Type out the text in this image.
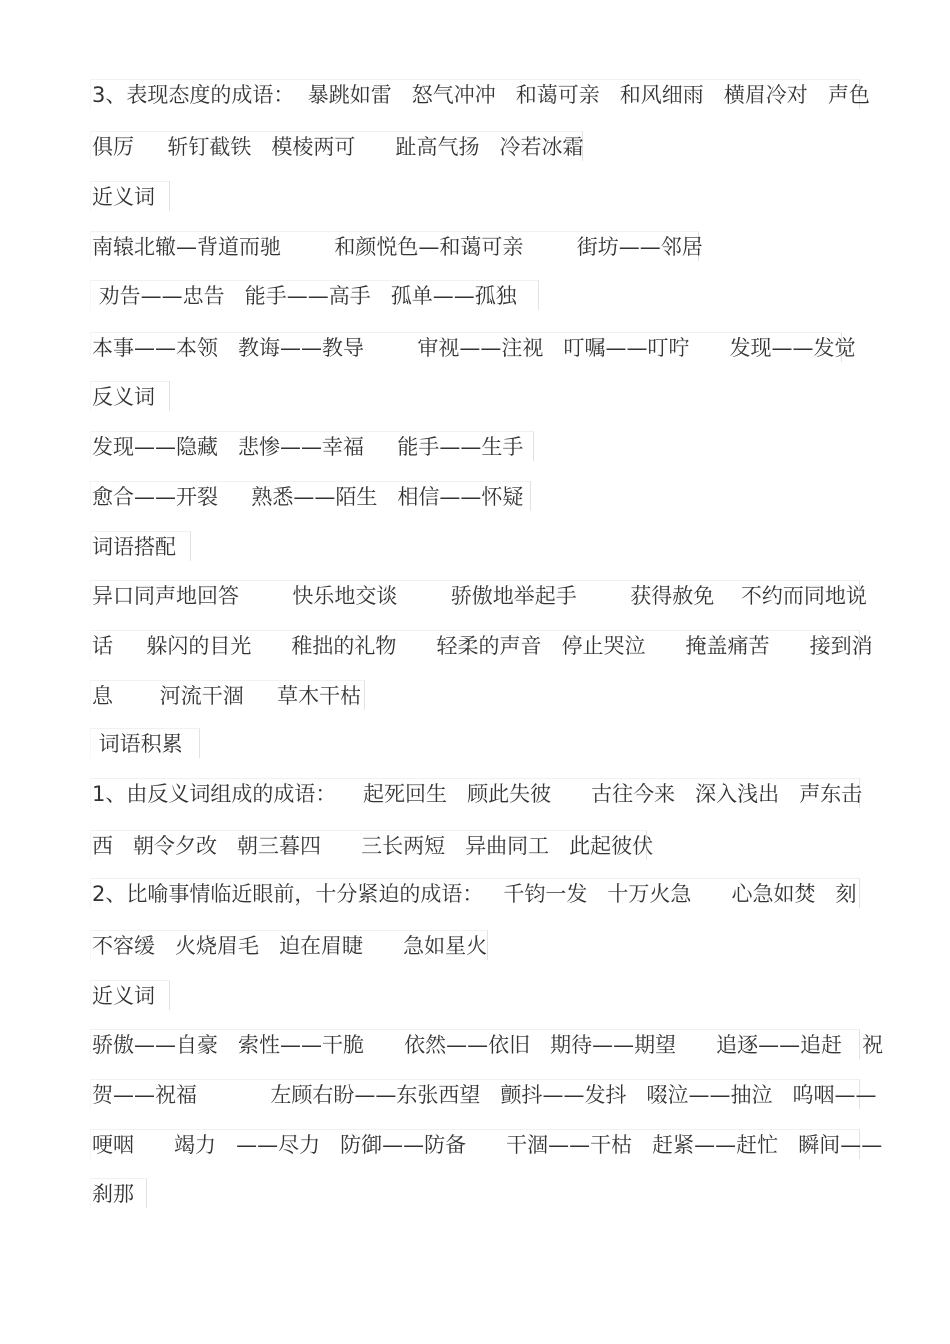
3、表现态度的成语：  暴跳如雷   怒气冲冲   和蔼可亲   和风细雨   横眉冷对   声色
俱厉     斩钉截铁   模棱两可      趾高气扬   冷若冰霜
近义词
南辕北辙—背道而驰        和颜悦色—和蔼可亲        街坊——邻居
劝告——忠告   能手——高手   孤单——孤独
本事——本领   教诲——教导        审视——注视   叮嘱——叮咛      发现——发觉
反义词
发现——隐藏   悲惨——幸福     能手——生手
愈合——开裂     熟悉——陌生   相信——怀疑
词语搭配
异口同声地回答        快乐地交谈        骄傲地举起手        获得赦免    不约而同地说
话     躲闪的目光      稚拙的礼物      轻柔的声音   停止哭泣      掩盖痛苦      接到消
息       河流干涸     草木干枯
词语积累
1、由反义词组成的成语：    起死回生   顾此失彼      古往今来   深入浅出   声东击
西   朝令夕改   朝三暮四      三长两短   异曲同工   此起彼伏
2、比喻事情临近眼前，十分紧迫的成语：   千钧一发   十万火急      心急如焚   刻
不容缓   火烧眉毛   迫在眉睫      急如星火
近义词
骄傲——自豪   索性——干脆      依然——依旧   期待——期望      追逐——追赶   祝
贺——祝福           左顾右盼——东张西望   颤抖——发抖   啜泣——抽泣   呜咽——
哽咽      竭力   ——尽力   防御——防备      干涸——干枯   赶紧——赶忙   瞬间——
刹那
